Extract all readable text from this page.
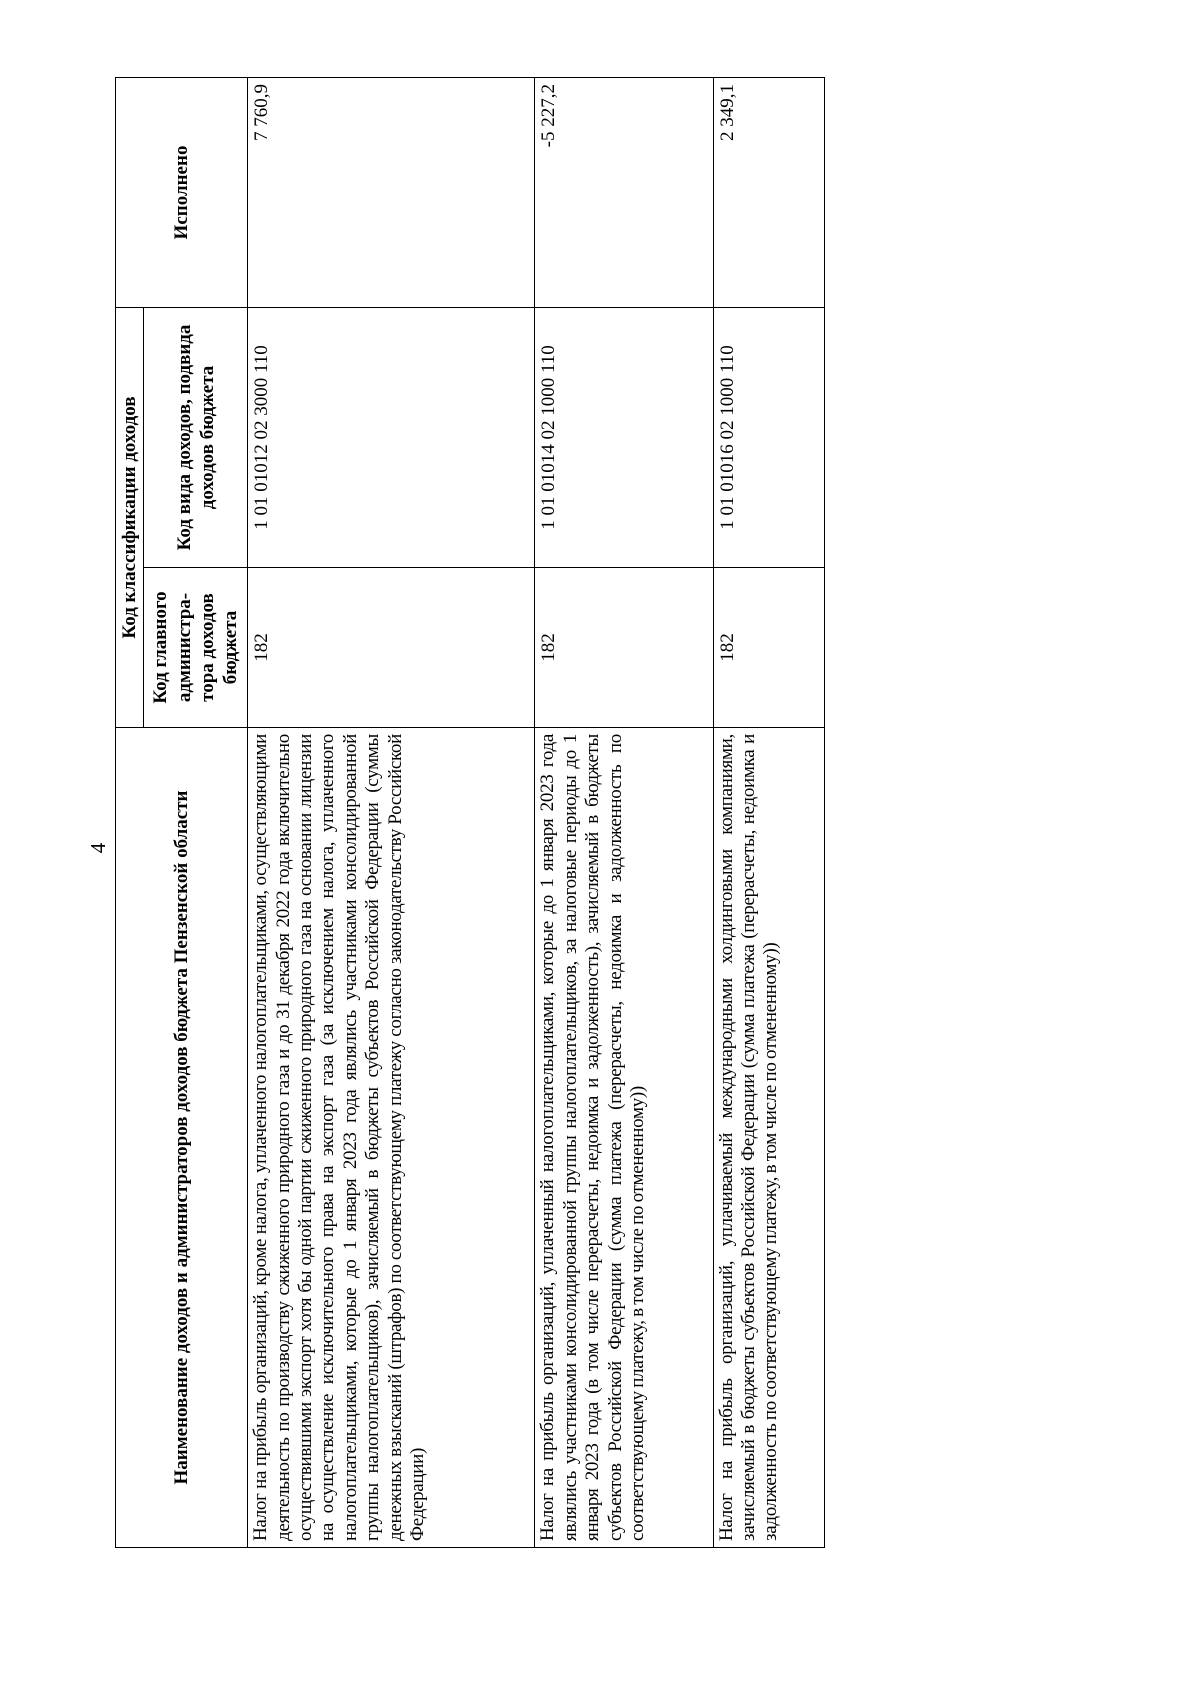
4	Наименование доходов и администраторов доходов бюджета Пензенской области	Код классификации доходов		Исполнено
	Код главного администра-тора доходов бюджета	Код вида доходов, подвида доходов бюджета	
Налог на прибыль организаций, кроме налога, уплаченного налогоплательщиками, осуществляющими деятельность по производству сжиженного природного газа и до 31 декабря 2022 года включительно осуществившими экспорт хотя бы одной партии сжиженного природного газа на основании лицензии на осуществление исключительного права на экспорт газа (за исключением налога, уплаченного налогоплательщиками, которые до 1 января 2023 года являлись участниками консолидированной группы налогоплательщиков), зачисляемый в бюджеты субъектов Российской Федерации (суммы денежных взысканий (штрафов) по соответствующему платежу согласно законодательству Российской Федерации)	182	1 01 01012 02 3000 110	7 760,9
Налог на прибыль организаций, уплаченный налогоплательщиками, которые до 1 января 2023 года являлись участниками консолидированной группы налогоплательщиков, за налоговые периоды до 1 января 2023 года (в том числе перерасчеты, недоимка и задолженность), зачисляемый в бюджеты субъектов Российской Федерации (сумма платежа (перерасчеты, недоимка и задолженность по соответствующему платежу, в том числе по отмененному))	182	1 01 01014 02 1000 110	-5 227,2
Налог на прибыль организаций, уплачиваемый международными холдинговыми компаниями, зачисляемый в бюджеты субъектов Российской Федерации (сумма платежа (перерасчеты, недоимка и задолженность по соответствующему платежу, в том числе по отмененному))	182	1 01 01016 02 1000 110	2 349,1
